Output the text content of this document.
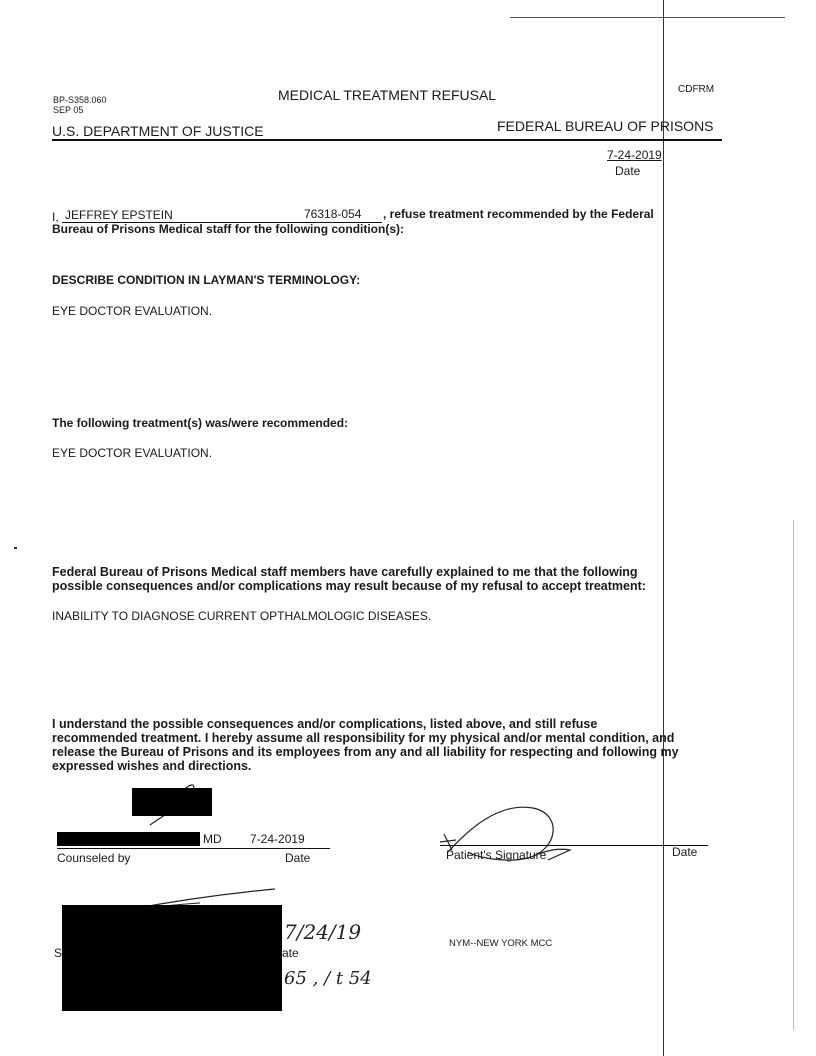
BP-S358.060
SEP 05
MEDICAL TREATMENT REFUSAL	CDFRM
U.S. DEPARTMENT OF JUSTICE	FEDERAL BUREAU OF PRISONS
7-24-2019
Date
I, JEFFREY EPSTEIN	76318-054 , refuse treatment recommended by the Federal
Bureau of Prisons Medical staff for the following condition(s):
DESCRIBE CONDITION IN LAYMAN'S TERMINOLOGY:
EYE DOCTOR EVALUATION.
The following treatment(s) was/were recommended:
EYE DOCTOR EVALUATION.
Federal Bureau of Prisons Medical staff members have carefully explained to me that the following
possible consequences and/or complications may result because of my refusal to accept treatment:
INABILITY TO DIAGNOSE CURRENT OPTHALMOLOGIC DISEASES.
I understand the possible consequences and/or complications, listed above, and still refuse
recommended treatment. I hereby assume all responsibility for my physical and/or mental condition, and
release the Bureau of Prisons and its employees from any and all liability for respecting and following my
expressed wishes and directions.
MD 7-24-2019
Counseled by	Date	Patient's Signature	Date
S	ate
7/24/19
65 , / t 54
NYM--NEW YORK MCC
